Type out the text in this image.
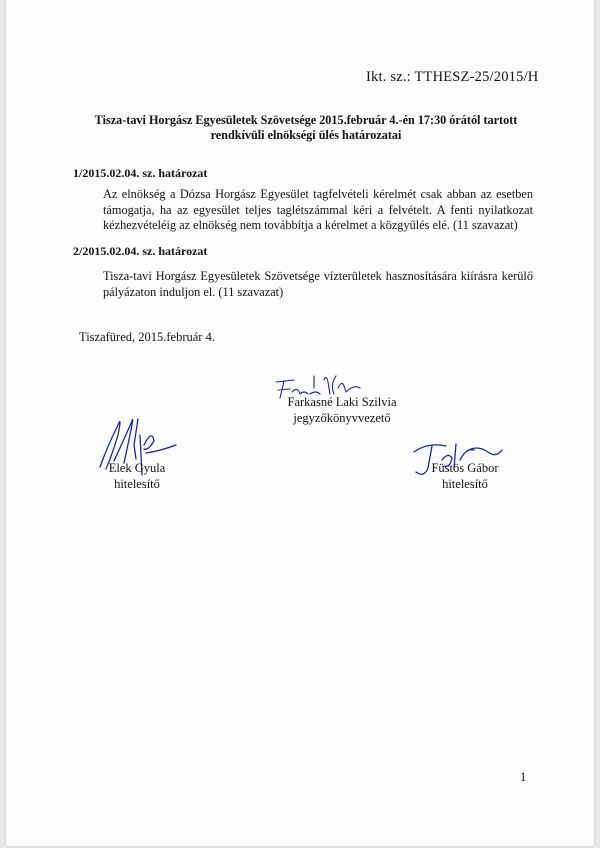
Ikt. sz.: TTHESZ-25/2015/H
Tisza-tavi Horgász Egyesületek Szövetsége 2015.február 4.-én 17:30 órától tartott
rendkívüli elnökségi ülés határozatai
1/2015.02.04. sz. határozat
Az elnökség a Dózsa Horgász Egyesület tagfelvételi kérelmét csak abban az esetben támogatja, ha az egyesület teljes taglétszámmal kéri a felvételt. A fenti nyilatkozat kézhezvételéig az elnökség nem továbbítja a kérelmet a közgyűlés elé. (11 szavazat)
2/2015.02.04. sz. határozat
Tisza-tavi Horgász Egyesületek Szövetsége vízterületek hasznosítására kiírásra kerülő pályázaton induljon el. (11 szavazat)
Tiszafüred, 2015.február 4.
Farkasné Laki Szilvia
jegyzőkönyvvezető
Elek Gyula
hitelesítő
Füstös Gábor
hitelesítő
1
